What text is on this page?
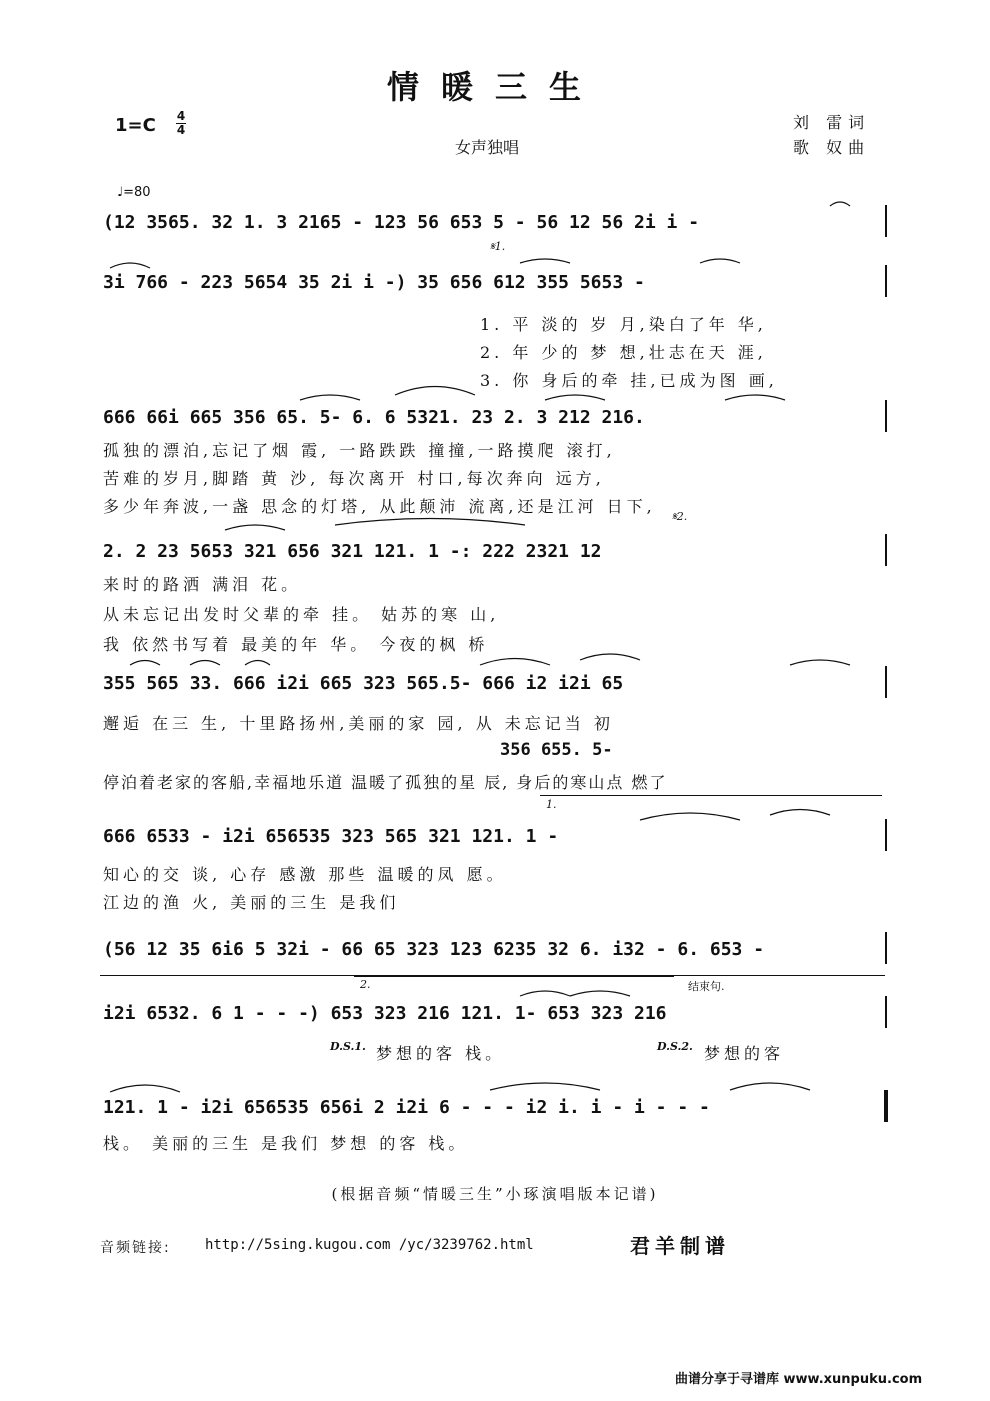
情暖三生
1=C 4
4
女声独唱
刘 雷词
歌 奴曲
♩=80
(12 3565. 32 1. 3 2165 - 123 56 653 5 - 56 12 56 2i i -
𝄋1.
3i 766 - 223 5654 35 2i i -) 35 656 612 355 5653 -
1. 平 淡的 岁 月,染白了年 华,
2. 年 少的 梦 想,壮志在天 涯,
3. 你 身后的牵 挂,已成为图 画,
666 66i 665 356 65. 5- 6. 6 5321. 23 2. 3 212 216.
孤独的漂泊,忘记了烟 霞, 一路跌跌 撞撞,一路摸爬 滚打,
苦难的岁月,脚踏 黄 沙, 每次离开 村口,每次奔向 远方,
多少年奔波,一盏 思念的灯塔, 从此颠沛 流离,还是江河 日下,
𝄋2.
2. 2 23 5653 321 656 321 121. 1 -: 222 2321 12
来时的路洒 满泪 花。
从未忘记出发时父辈的牵 挂。 姑苏的寒 山,
我 依然书写着 最美的年 华。 今夜的枫 桥
355 565 33. 666 i2i 665 323 565.5- 666 i2 i2i 65
邂逅 在三 生, 十里路扬州,美丽的家 园, 从 未忘记当 初
356 655. 5-
停泊着老家的客船,幸福地乐道 温暖了孤独的星 辰, 身后的寒山点 燃了
1.
666 6533 - i2i 656535 323 565 321 121. 1 -
知心的交 谈, 心存 感激 那些 温暖的凤 愿。
江边的渔 火, 美丽的三生 是我们
(56 12 35 6i6 5 32i - 66 65 323 123 6235 32 6. i32 - 6. 653 -
2.	结束句.
i2i 6532. 6 1 - - -) 653 323 216 121. 1- 653 323 216
D.S.1.	D.S.2.
梦想的客 栈。	梦想的客
121. 1 - i2i 656535 656i 2 i2i 6 - - - i2 i. i - i - - -
栈。 美丽的三生 是我们 梦想 的客 栈。
(根据音频“情暖三生”小琢演唱版本记谱)
音频链接: http://5sing.kugou.com /yc/3239762.html	君羊制谱
曲谱分享于寻谱库 www.xunpuku.com
